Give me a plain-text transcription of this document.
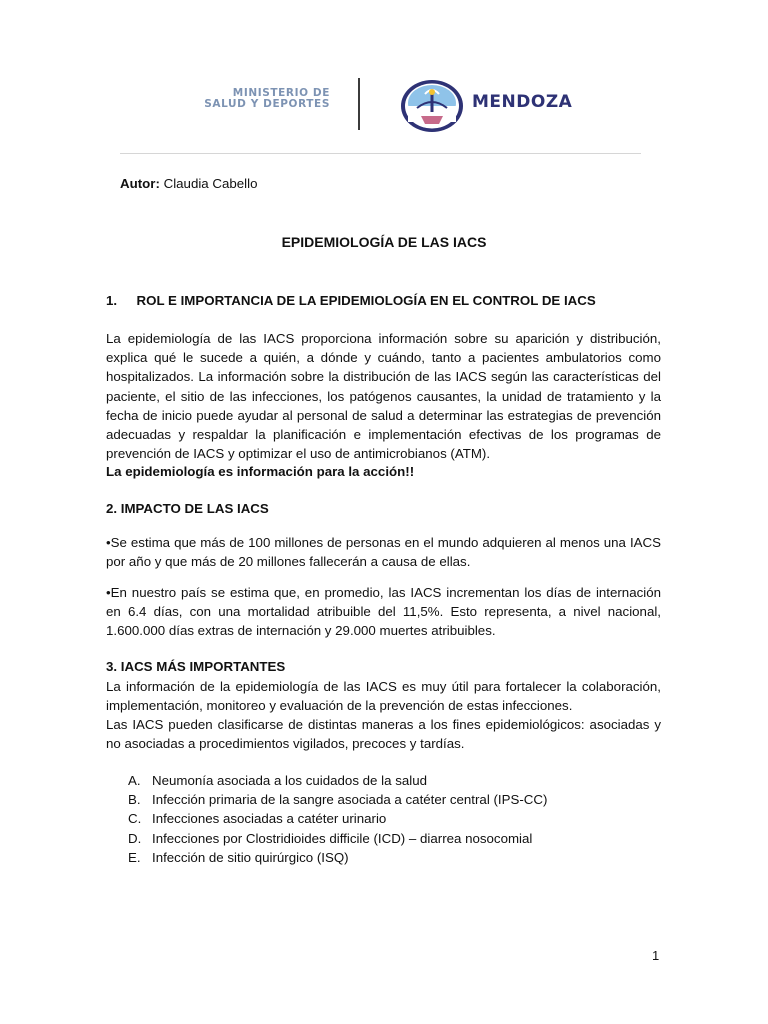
MINISTERIO DE
SALUD Y DEPORTES	MENDOZA
Autor: Claudia Cabello
EPIDEMIOLOGÍA DE LAS IACS
1. ROL E IMPORTANCIA DE LA EPIDEMIOLOGÍA EN EL CONTROL DE IACS
La epidemiología de las IACS proporciona información sobre su aparición y distribución, explica qué le sucede a quién, a dónde y cuándo, tanto a pacientes ambulatorios como hospitalizados. La información sobre la distribución de las IACS según las características del paciente, el sitio de las infecciones, los patógenos causantes, la unidad de tratamiento y la fecha de inicio puede ayudar al personal de salud a determinar las estrategias de prevención adecuadas y respaldar la planificación e implementación efectivas de los programas de prevención de IACS y optimizar el uso de antimicrobianos (ATM).
La epidemiología es información para la acción!!
2. IMPACTO DE LAS IACS
•Se estima que más de 100 millones de personas en el mundo adquieren al menos una IACS por año y que más de 20 millones fallecerán a causa de ellas.
•En nuestro país se estima que, en promedio, las IACS incrementan los días de internación en 6.4 días, con una mortalidad atribuible del 11,5%. Esto representa, a nivel nacional, 1.600.000 días extras de internación y 29.000 muertes atribuibles.
3. IACS MÁS IMPORTANTES
La información de la epidemiología de las IACS es muy útil para fortalecer la colaboración, implementación, monitoreo y evaluación de la prevención de estas infecciones.
Las IACS pueden clasificarse de distintas maneras a los fines epidemiológicos: asociadas y no asociadas a procedimientos vigilados, precoces y tardías.
A. Neumonía asociada a los cuidados de la salud
B. Infección primaria de la sangre asociada a catéter central (IPS-CC)
C. Infecciones asociadas a catéter urinario
D. Infecciones por Clostridioides difficile (ICD) – diarrea nosocomial
E. Infección de sitio quirúrgico (ISQ)
1
